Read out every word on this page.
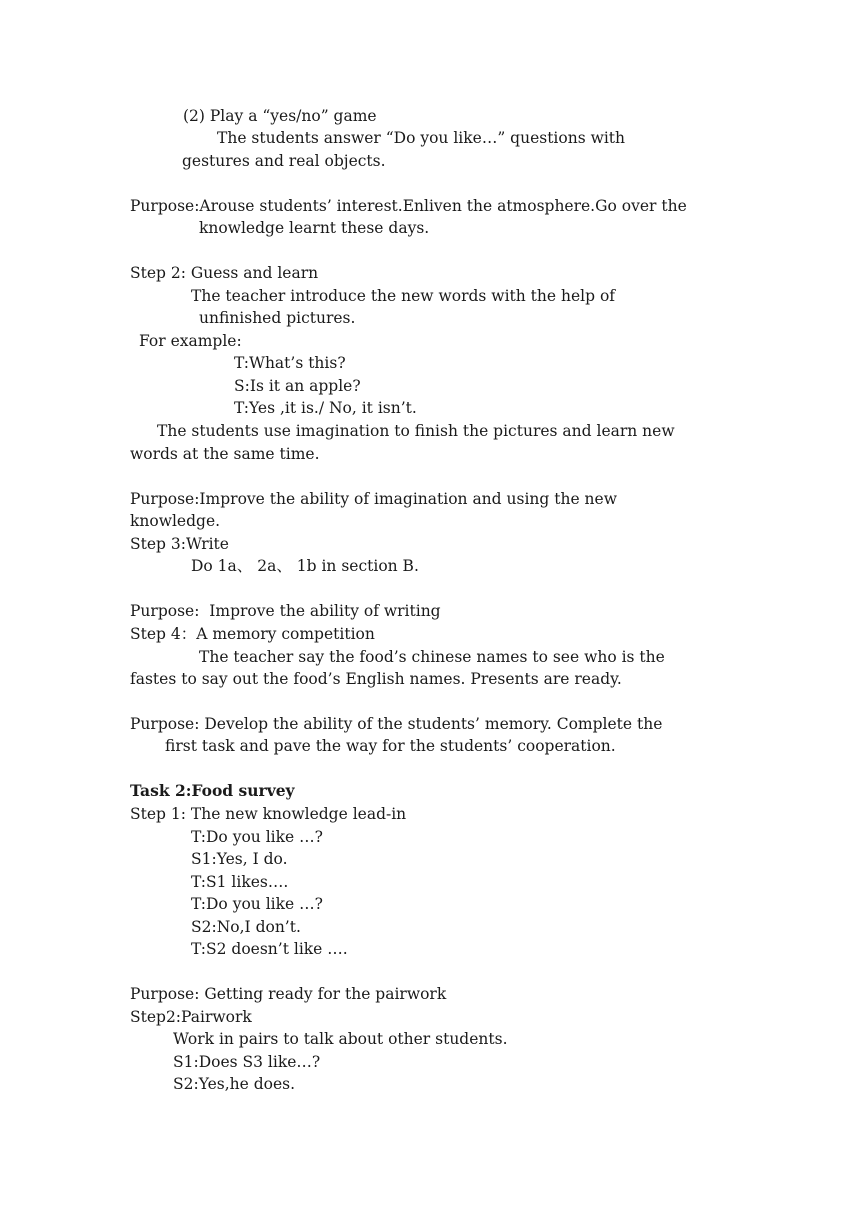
(2) Play a “yes/no” game
The students answer “Do you like…” questions with
gestures and real objects.
Purpose:Arouse students’ interest.Enliven the atmosphere.Go over the
knowledge learnt these days.
Step 2: Guess and learn
The teacher introduce the new words with the help of
unfinished pictures.
For example:
T:What’s this?
S:Is it an apple?
T:Yes ,it is./ No, it isn’t.
The students use imagination to finish the pictures and learn new
words at the same time.
Purpose:Improve the ability of imagination and using the new
knowledge.
Step 3:Write
Do 1a、 2a、 1b in section B.
Purpose:  Improve the ability of writing
Step 4：A memory competition
The teacher say the food’s chinese names to see who is the
fastes to say out the food’s English names. Presents are ready.
Purpose: Develop the ability of the students’ memory. Complete the
first task and pave the way for the students’ cooperation.
Task 2:Food survey
Step 1: The new knowledge lead-in
T:Do you like …?
S1:Yes, I do.
T:S1 likes….
T:Do you like …?
S2:No,I don’t.
T:S2 doesn’t like ….
Purpose: Getting ready for the pairwork
Step2:Pairwork
Work in pairs to talk about other students.
S1:Does S3 like…?
S2:Yes,he does.
